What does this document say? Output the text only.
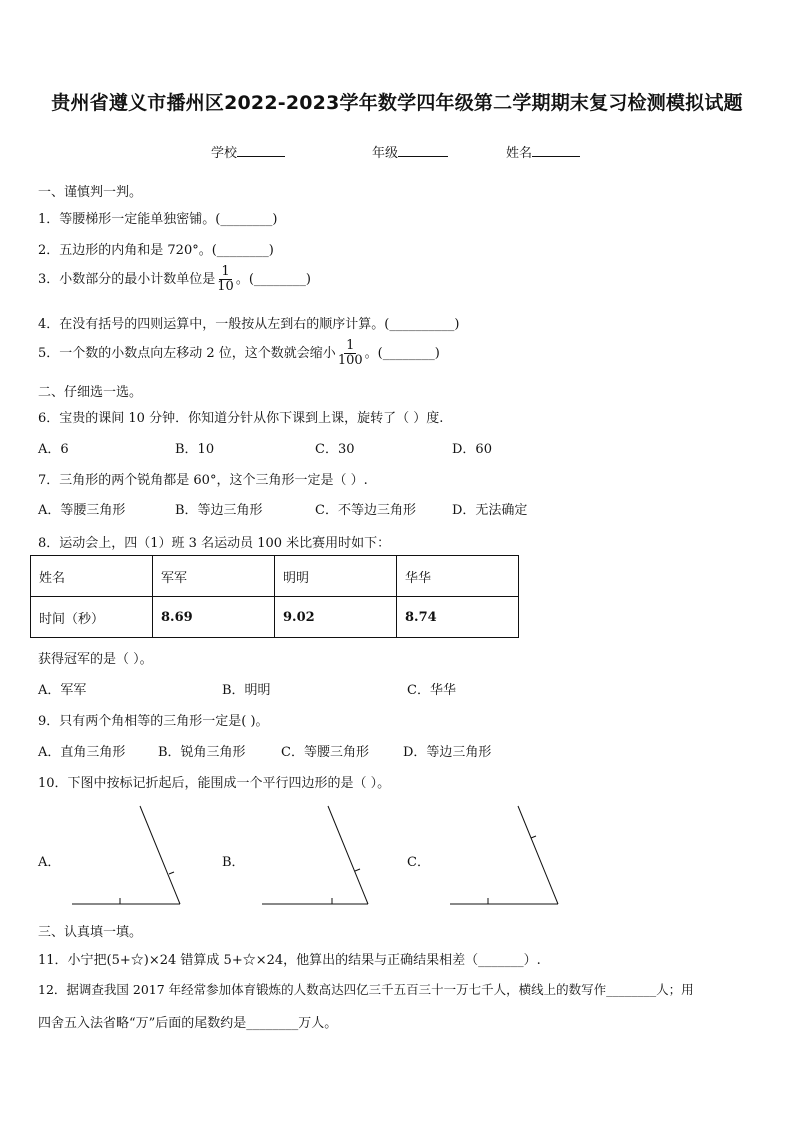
贵州省遵义市播州区2022-2023学年数学四年级第二学期期末复习检测模拟试题
学校	年级	姓名
一、谨慎判一判。
1．等腰梯形一定能单独密铺。(________)
2．五边形的内角和是 720°。(________)
3．小数部分的最小计数单位是 $\frac{1}{10}$ 。(________)
4．在没有括号的四则运算中，一般按从左到右的顺序计算。(__________)
5．一个数的小数点向左移动 2 位，这个数就会缩小 $\frac{1}{100}$ 。(________)
二、仔细选一选。
6．宝贵的课间 10 分钟．你知道分针从你下课到上课，旋转了（ ）度.
A．6	B．10	C．30	D．60
7．三角形的两个锐角都是 60°，这个三角形一定是（ ）.
A．等腰三角形	B．等边三角形	C．不等边三角形	D．无法确定
8．运动会上，四（1）班 3 名运动员 100 米比赛用时如下：
姓名	军军	明明	华华
时间（秒）	8.69	9.02	8.74
获得冠军的是（ ）。
A．军军	B．明明	C．华华
9．只有两个角相等的三角形一定是( )。
A．直角三角形	B．锐角三角形	C．等腰三角形	D．等边三角形
10．下图中按标记折起后，能围成一个平行四边形的是（ ）。
A．	B．	C．
三、认真填一填。
11．小宁把(5+☆)×24 错算成 5+☆×24，他算出的结果与正确结果相差（_______）.
12．据调查我国 2017 年经常参加体育锻炼的人数高达四亿三千五百三十一万七千人，横线上的数写作________人；用
四舍五入法省略“万”后面的尾数约是________万人。
